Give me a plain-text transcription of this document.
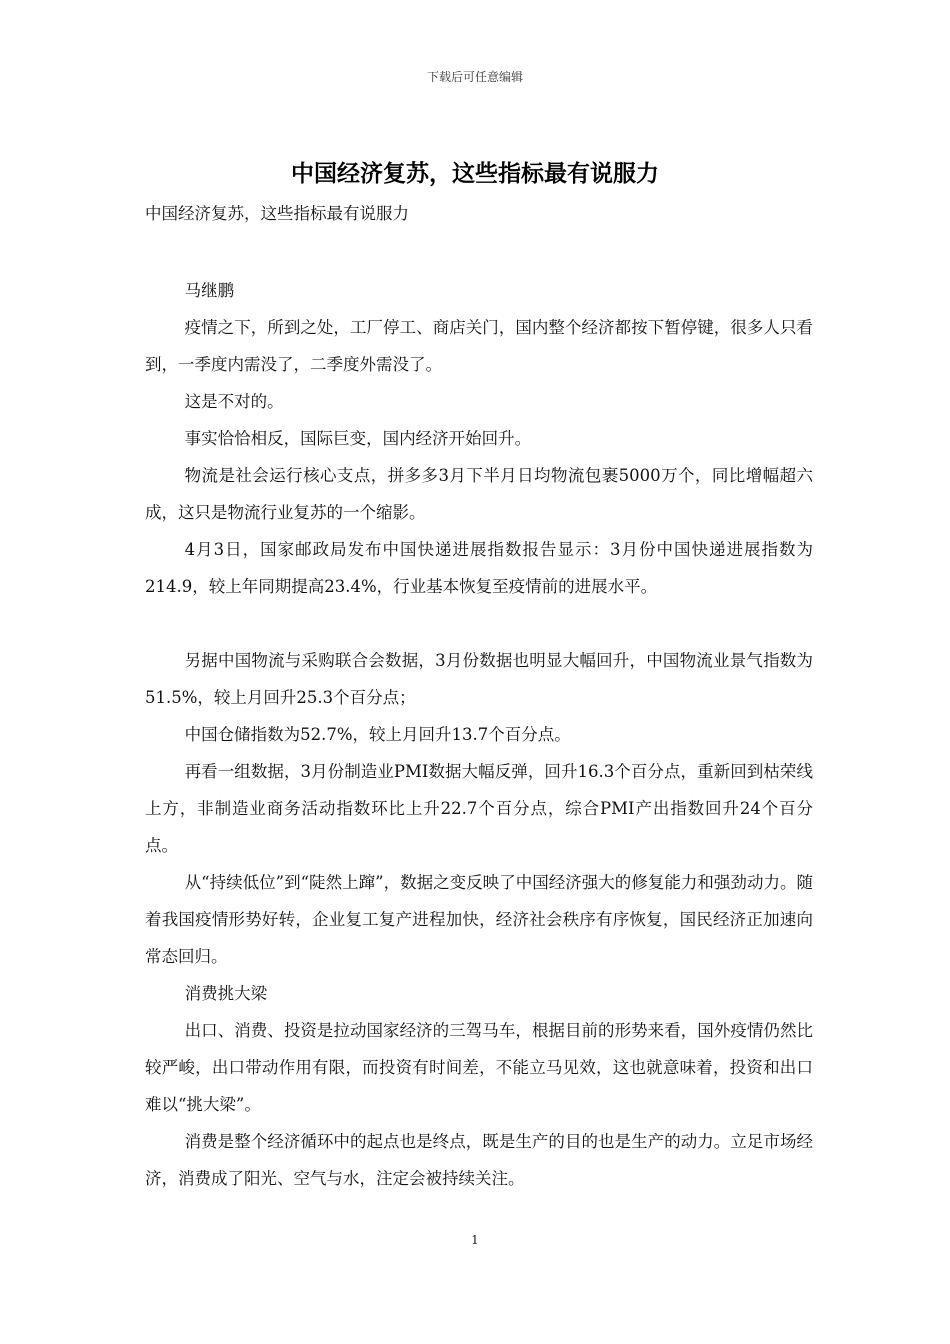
下载后可任意编辑
中国经济复苏，这些指标最有说服力
中国经济复苏，这些指标最有说服力

马继鹏

疫情之下，所到之处，工厂停工、商店关门，国内整个经济都按下暂停键，很多人只看到，一季度内需没了，二季度外需没了。

这是不对的。

事实恰恰相反，国际巨变，国内经济开始回升。

物流是社会运行核心支点，拼多多3月下半月日均物流包裹5000万个，同比增幅超六成，这只是物流行业复苏的一个缩影。

4月3日，国家邮政局发布中国快递进展指数报告显示：3月份中国快递进展指数为214.9，较上年同期提高23.4%，行业基本恢复至疫情前的进展水平。

另据中国物流与采购联合会数据，3月份数据也明显大幅回升，中国物流业景气指数为51.5%，较上月回升25.3个百分点；

中国仓储指数为52.7%，较上月回升13.7个百分点。

再看一组数据，3月份制造业PMI数据大幅反弹，回升16.3个百分点，重新回到枯荣线上方，非制造业商务活动指数环比上升22.7个百分点，综合PMI产出指数回升24个百分点。

从“持续低位”到“陡然上蹿”，数据之变反映了中国经济强大的修复能力和强劲动力。随着我国疫情形势好转，企业复工复产进程加快，经济社会秩序有序恢复，国民经济正加速向常态回归。

消费挑大梁

出口、消费、投资是拉动国家经济的三驾马车，根据目前的形势来看，国外疫情仍然比较严峻，出口带动作用有限，而投资有时间差，不能立马见效，这也就意味着，投资和出口难以“挑大梁”。

消费是整个经济循环中的起点也是终点，既是生产的目的也是生产的动力。立足市场经济，消费成了阳光、空气与水，注定会被持续关注。

1
